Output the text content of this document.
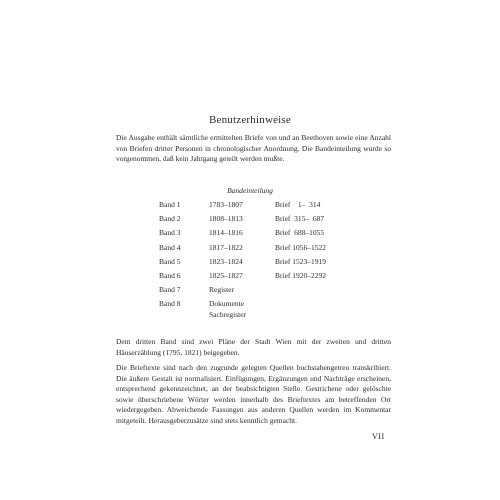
Benutzerhinweise

Die Ausgabe enthält sämtliche ermittelten Briefe von und an Beethoven sowie eine Anzahl von Briefen dritter Personen in chronologischer Anordnung. Die Bandeinteilung wurde so vorgenommen, daß kein Jahrgang geteilt werden mußte.

Bandeinteilung
Band 1	1783–1807	Brief    1–  314
Band 2	1808–1813	Brief  315–  687
Band 3	1814–1816	Brief  688–1055
Band 4	1817–1822	Brief 1056–1522
Band 5	1823–1824	Brief 1523–1919
Band 6	1825–1827	Brief 1920–2292
Band 7	Register
Band 8	Dokumente
Sachregister

Dem dritten Band sind zwei Pläne der Stadt Wien mit der zweiten und dritten Häuserzählung (1795, 1821) beigegeben.

Die Brieftexte sind nach den zugrunde gelegten Quellen buchstabengetreu transkribiert. Die äußere Gestalt ist normalisiert. Einfügungen, Ergänzungen und Nachträge erscheinen, entsprechend gekennzeichnet, an der beabsichtigten Stelle. Gestrichene oder gelöschte sowie überschriebene Wörter werden innerhalb des Brieftextes am betreffenden Ort wiedergegeben. Abweichende Fassungen aus anderen Quellen werden im Kommentar mitgeteilt. Herausgeberzusätze sind stets kenntlich gemacht.

VII
